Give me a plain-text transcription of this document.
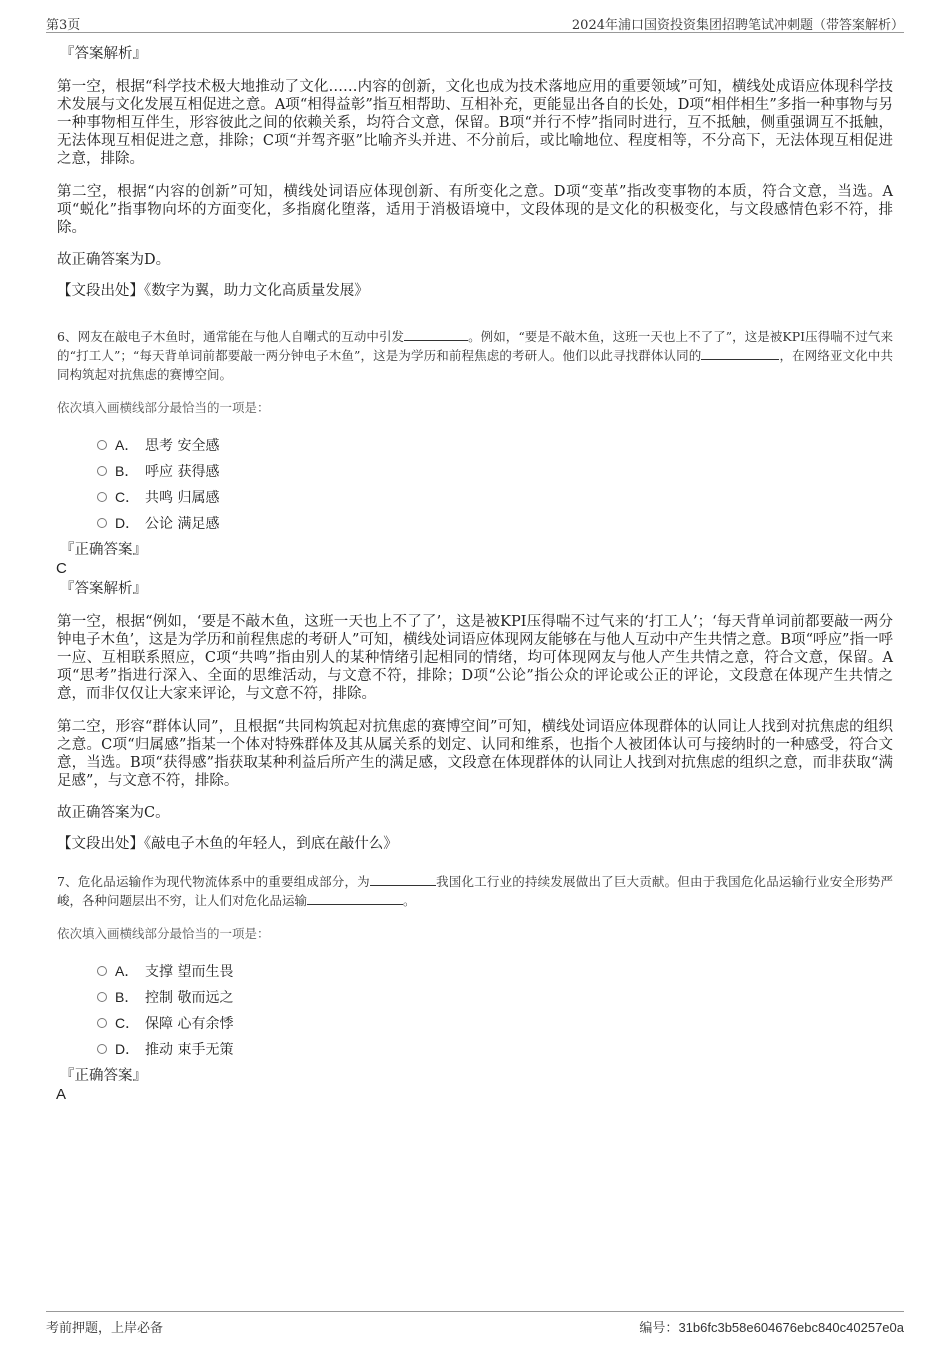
第3页	2024年浦口国资投资集团招聘笔试冲刺题（带答案解析）
『答案解析』

第一空，根据“科学技术极大地推动了文化……内容的创新，文化也成为技术落地应用的重要领域”可知，横线处成语应体现科学技术发展与文化发展互相促进之意。A项“相得益彰”指互相帮助、互相补充，更能显出各自的长处，D项“相伴相生”多指一种事物与另一种事物相互伴生，形容彼此之间的依赖关系，均符合文意，保留。B项“并行不悖”指同时进行，互不抵触，侧重强调互不抵触，无法体现互相促进之意，排除；C项“并驾齐驱”比喻齐头并进、不分前后，或比喻地位、程度相等，不分高下，无法体现互相促进之意，排除。

第二空，根据“内容的创新”可知，横线处词语应体现创新、有所变化之意。D项“变革”指改变事物的本质，符合文意，当选。A项“蜕化”指事物向坏的方面变化，多指腐化堕落，适用于消极语境中，文段体现的是文化的积极变化，与文段感情色彩不符，排除。

故正确答案为D。

【文段出处】《数字为翼，助力文化高质量发展》
6、网友在敲电子木鱼时，通常能在与他人自嘲式的互动中引发	。例如，“要是不敲木鱼，这班一天也上不了了”，这是被KPI压得喘不过气来的“打工人”；“每天背单词前都要敲一两分钟电子木鱼”，这是为学历和前程焦虑的考研人。他们以此寻找群体认同的	，在网络亚文化中共同构筑起对抗焦虑的赛博空间。
依次填入画横线部分最恰当的一项是：
A． 思考 安全感
B． 呼应 获得感
C． 共鸣 归属感
D． 公论 满足感
『正确答案』
C
『答案解析』

第一空，根据“例如，‘要是不敲木鱼，这班一天也上不了了’，这是被KPI压得喘不过气来的‘打工人’；‘每天背单词前都要敲一两分钟电子木鱼’，这是为学历和前程焦虑的考研人”可知，横线处词语应体现网友能够在与他人互动中产生共情之意。B项“呼应”指一呼一应、互相联系照应，C项“共鸣”指由别人的某种情绪引起相同的情绪，均可体现网友与他人产生共情之意，符合文意，保留。A项“思考”指进行深入、全面的思维活动，与文意不符，排除；D项“公论”指公众的评论或公正的评论，文段意在体现产生共情之意，而非仅仅让大家来评论，与文意不符，排除。

第二空，形容“群体认同”，且根据“共同构筑起对抗焦虑的赛博空间”可知，横线处词语应体现群体的认同让人找到对抗焦虑的组织之意。C项“归属感”指某一个体对特殊群体及其从属关系的划定、认同和维系，也指个人被团体认可与接纳时的一种感受，符合文意，当选。B项“获得感”指获取某种利益后所产生的满足感，文段意在体现群体的认同让人找到对抗焦虑的组织之意，而非获取“满足感”，与文意不符，排除。

故正确答案为C。

【文段出处】《敲电子木鱼的年轻人，到底在敲什么》
7、危化品运输作为现代物流体系中的重要组成部分，为	我国化工行业的持续发展做出了巨大贡献。但由于我国危化品运输行业安全形势严峻，各种问题层出不穷，让人们对危化品运输	。
依次填入画横线部分最恰当的一项是：
A． 支撑 望而生畏
B． 控制 敬而远之
C． 保障 心有余悸
D． 推动 束手无策
『正确答案』
A
考前押题，上岸必备	编号：31b6fc3b58e604676ebc840c40257e0a
